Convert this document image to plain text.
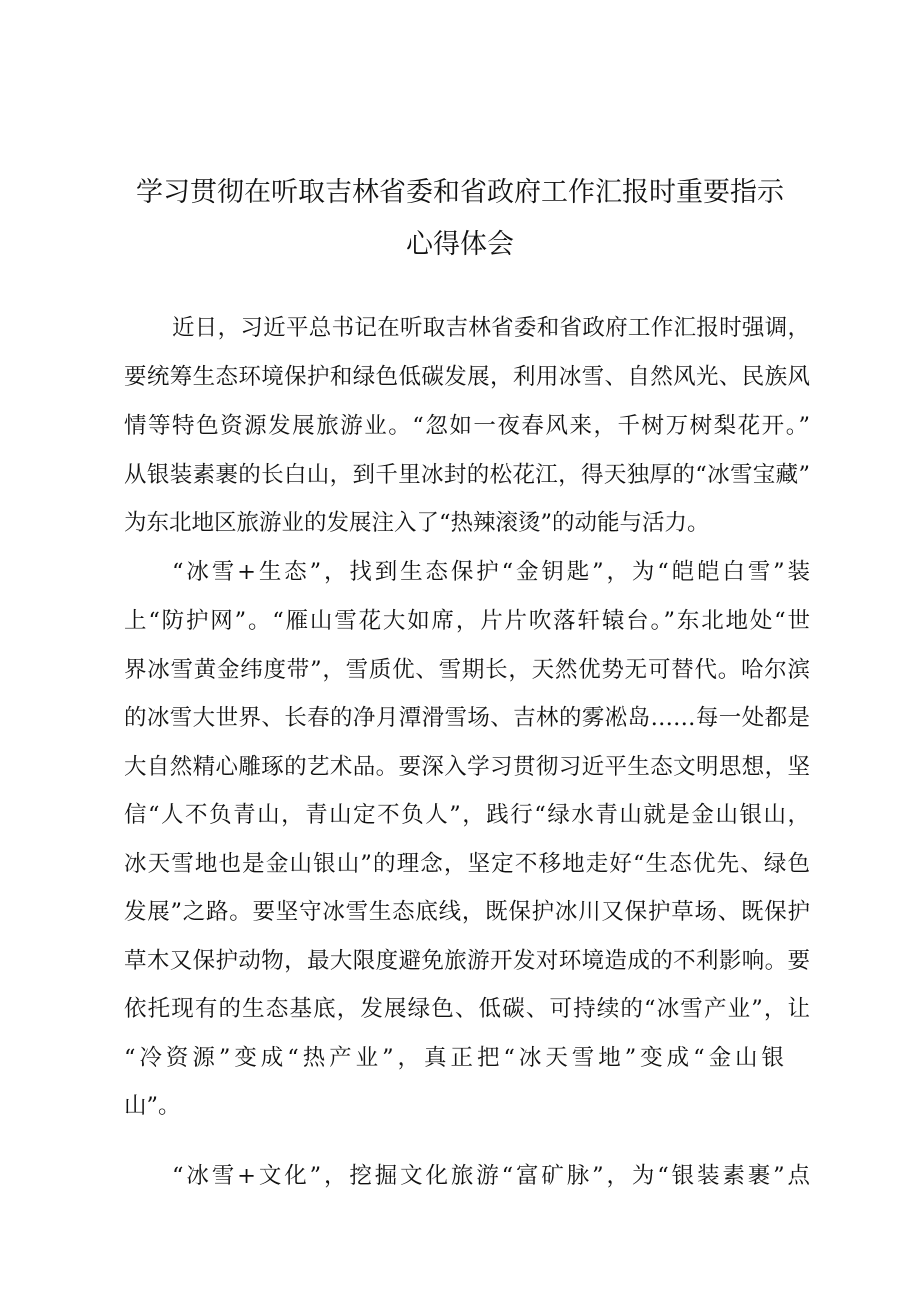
学习贯彻在听取吉林省委和省政府工作汇报时重要指示
心得体会
近日，习近平总书记在听取吉林省委和省政府工作汇报时强调，
要统筹生态环境保护和绿色低碳发展，利用冰雪、自然风光、民族风
情等特色资源发展旅游业。“忽如一夜春风来，千树万树梨花开。”
从银装素裹的长白山，到千里冰封的松花江，得天独厚的“冰雪宝藏”
为东北地区旅游业的发展注入了“热辣滚烫”的动能与活力。
“冰雪+生态”，找到生态保护“金钥匙”，为“皑皑白雪”装
上“防护网”。“雁山雪花大如席，片片吹落轩辕台。”东北地处“世
界冰雪黄金纬度带”，雪质优、雪期长，天然优势无可替代。哈尔滨
的冰雪大世界、长春的净月潭滑雪场、吉林的雾凇岛……每一处都是
大自然精心雕琢的艺术品。要深入学习贯彻习近平生态文明思想，坚
信“人不负青山，青山定不负人”，践行“绿水青山就是金山银山，
冰天雪地也是金山银山”的理念，坚定不移地走好“生态优先、绿色
发展”之路。要坚守冰雪生态底线，既保护冰川又保护草场、既保护
草木又保护动物，最大限度避免旅游开发对环境造成的不利影响。要
依托现有的生态基底，发展绿色、低碳、可持续的“冰雪产业”，让
“冷资源”变成“热产业”，真正把“冰天雪地”变成“金山银
山”。
“冰雪+文化”，挖掘文化旅游“富矿脉”，为“银装素裹”点
